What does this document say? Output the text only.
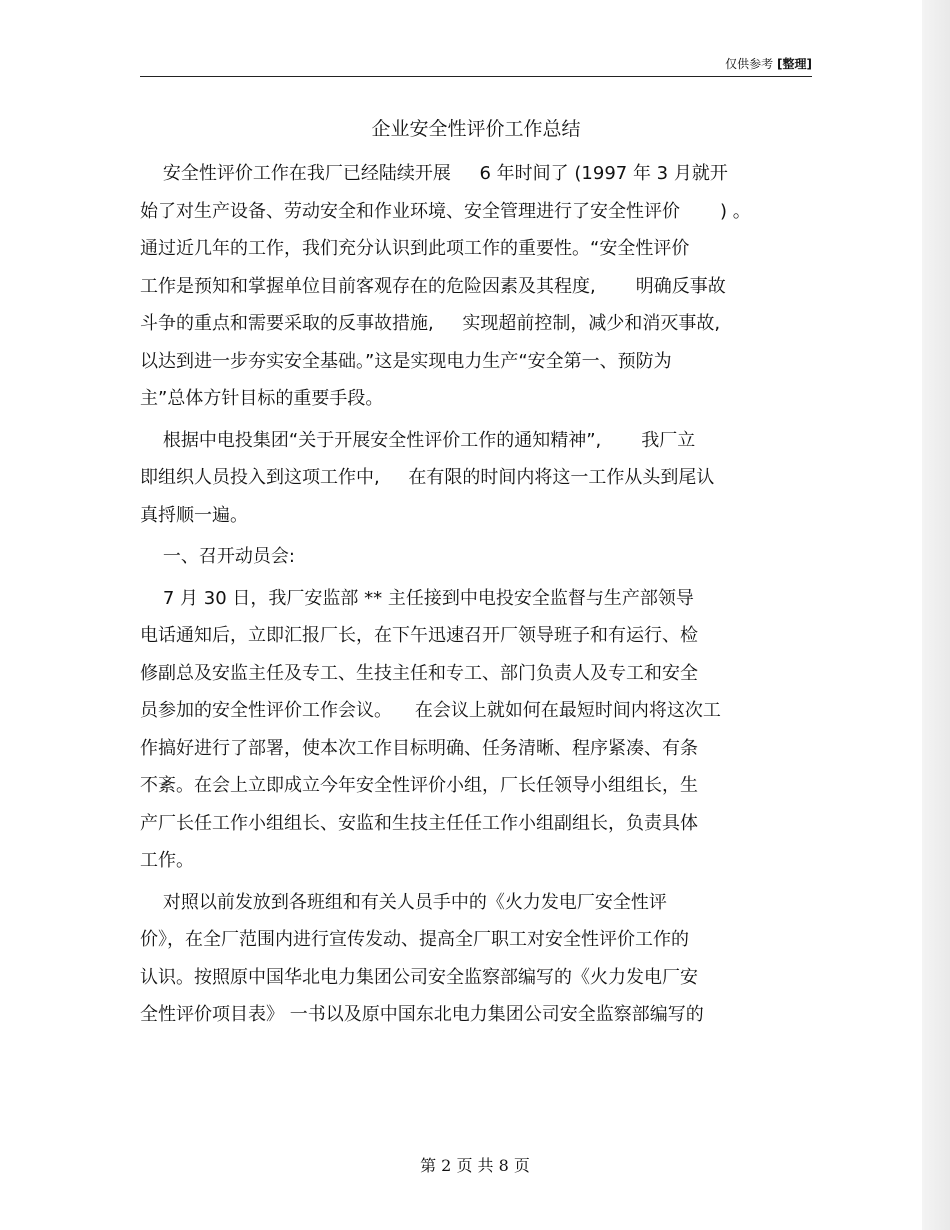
仅供参考 [整理]
企业安全性评价工作总结
安全性评价工作在我厂已经陆续开展     6 年时间了 (1997 年 3 月就开
始了对生产设备、劳动安全和作业环境、安全管理进行了安全性评价       ) 。
通过近几年的工作，我们充分认识到此项工作的重要性。“安全性评价
工作是预知和掌握单位目前客观存在的危险因素及其程度,       明确反事故
斗争的重点和需要采取的反事故措施,     实现超前控制，减少和消灭事故,
以达到进一步夯实安全基础。”这是实现电力生产“安全第一、预防为
主”总体方针目标的重要手段。
根据中电投集团“关于开展安全性评价工作的通知精神”,       我厂立
即组织人员投入到这项工作中,     在有限的时间内将这一工作从头到尾认
真捋顺一遍。
一、召开动员会:
7 月 30 日，我厂安监部 ** 主任接到中电投安全监督与生产部领导
电话通知后，立即汇报厂长，在下午迅速召开厂领导班子和有运行、检
修副总及安监主任及专工、生技主任和专工、部门负责人及专工和安全
员参加的安全性评价工作会议。    在会议上就如何在最短时间内将这次工
作搞好进行了部署，使本次工作目标明确、任务清晰、程序紧凑、有条
不紊。在会上立即成立今年安全性评价小组，厂长任领导小组组长，生
产厂长任工作小组组长、安监和生技主任任工作小组副组长，负责具体
工作。
对照以前发放到各班组和有关人员手中的《火力发电厂安全性评
价》，在全厂范围内进行宣传发动、提高全厂职工对安全性评价工作的
认识。按照原中国华北电力集团公司安全监察部编写的《火力发电厂安
全性评价项目表》 一书以及原中国东北电力集团公司安全监察部编写的
第 2 页 共 8 页
